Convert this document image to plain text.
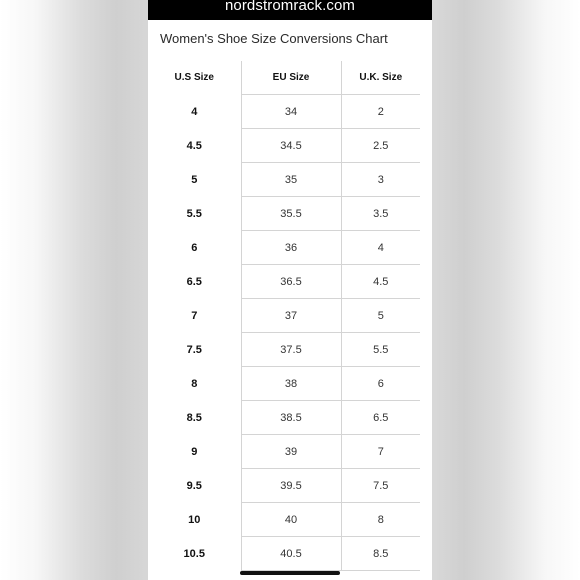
nordstromrack.com
Women's Shoe Size Conversions Chart
U.S Size	EU Size	U.K. Size
4	34	2
4.5	34.5	2.5
5	35	3
5.5	35.5	3.5
6	36	4
6.5	36.5	4.5
7	37	5
7.5	37.5	5.5
8	38	6
8.5	38.5	6.5
9	39	7
9.5	39.5	7.5
10	40	8
10.5	40.5	8.5
